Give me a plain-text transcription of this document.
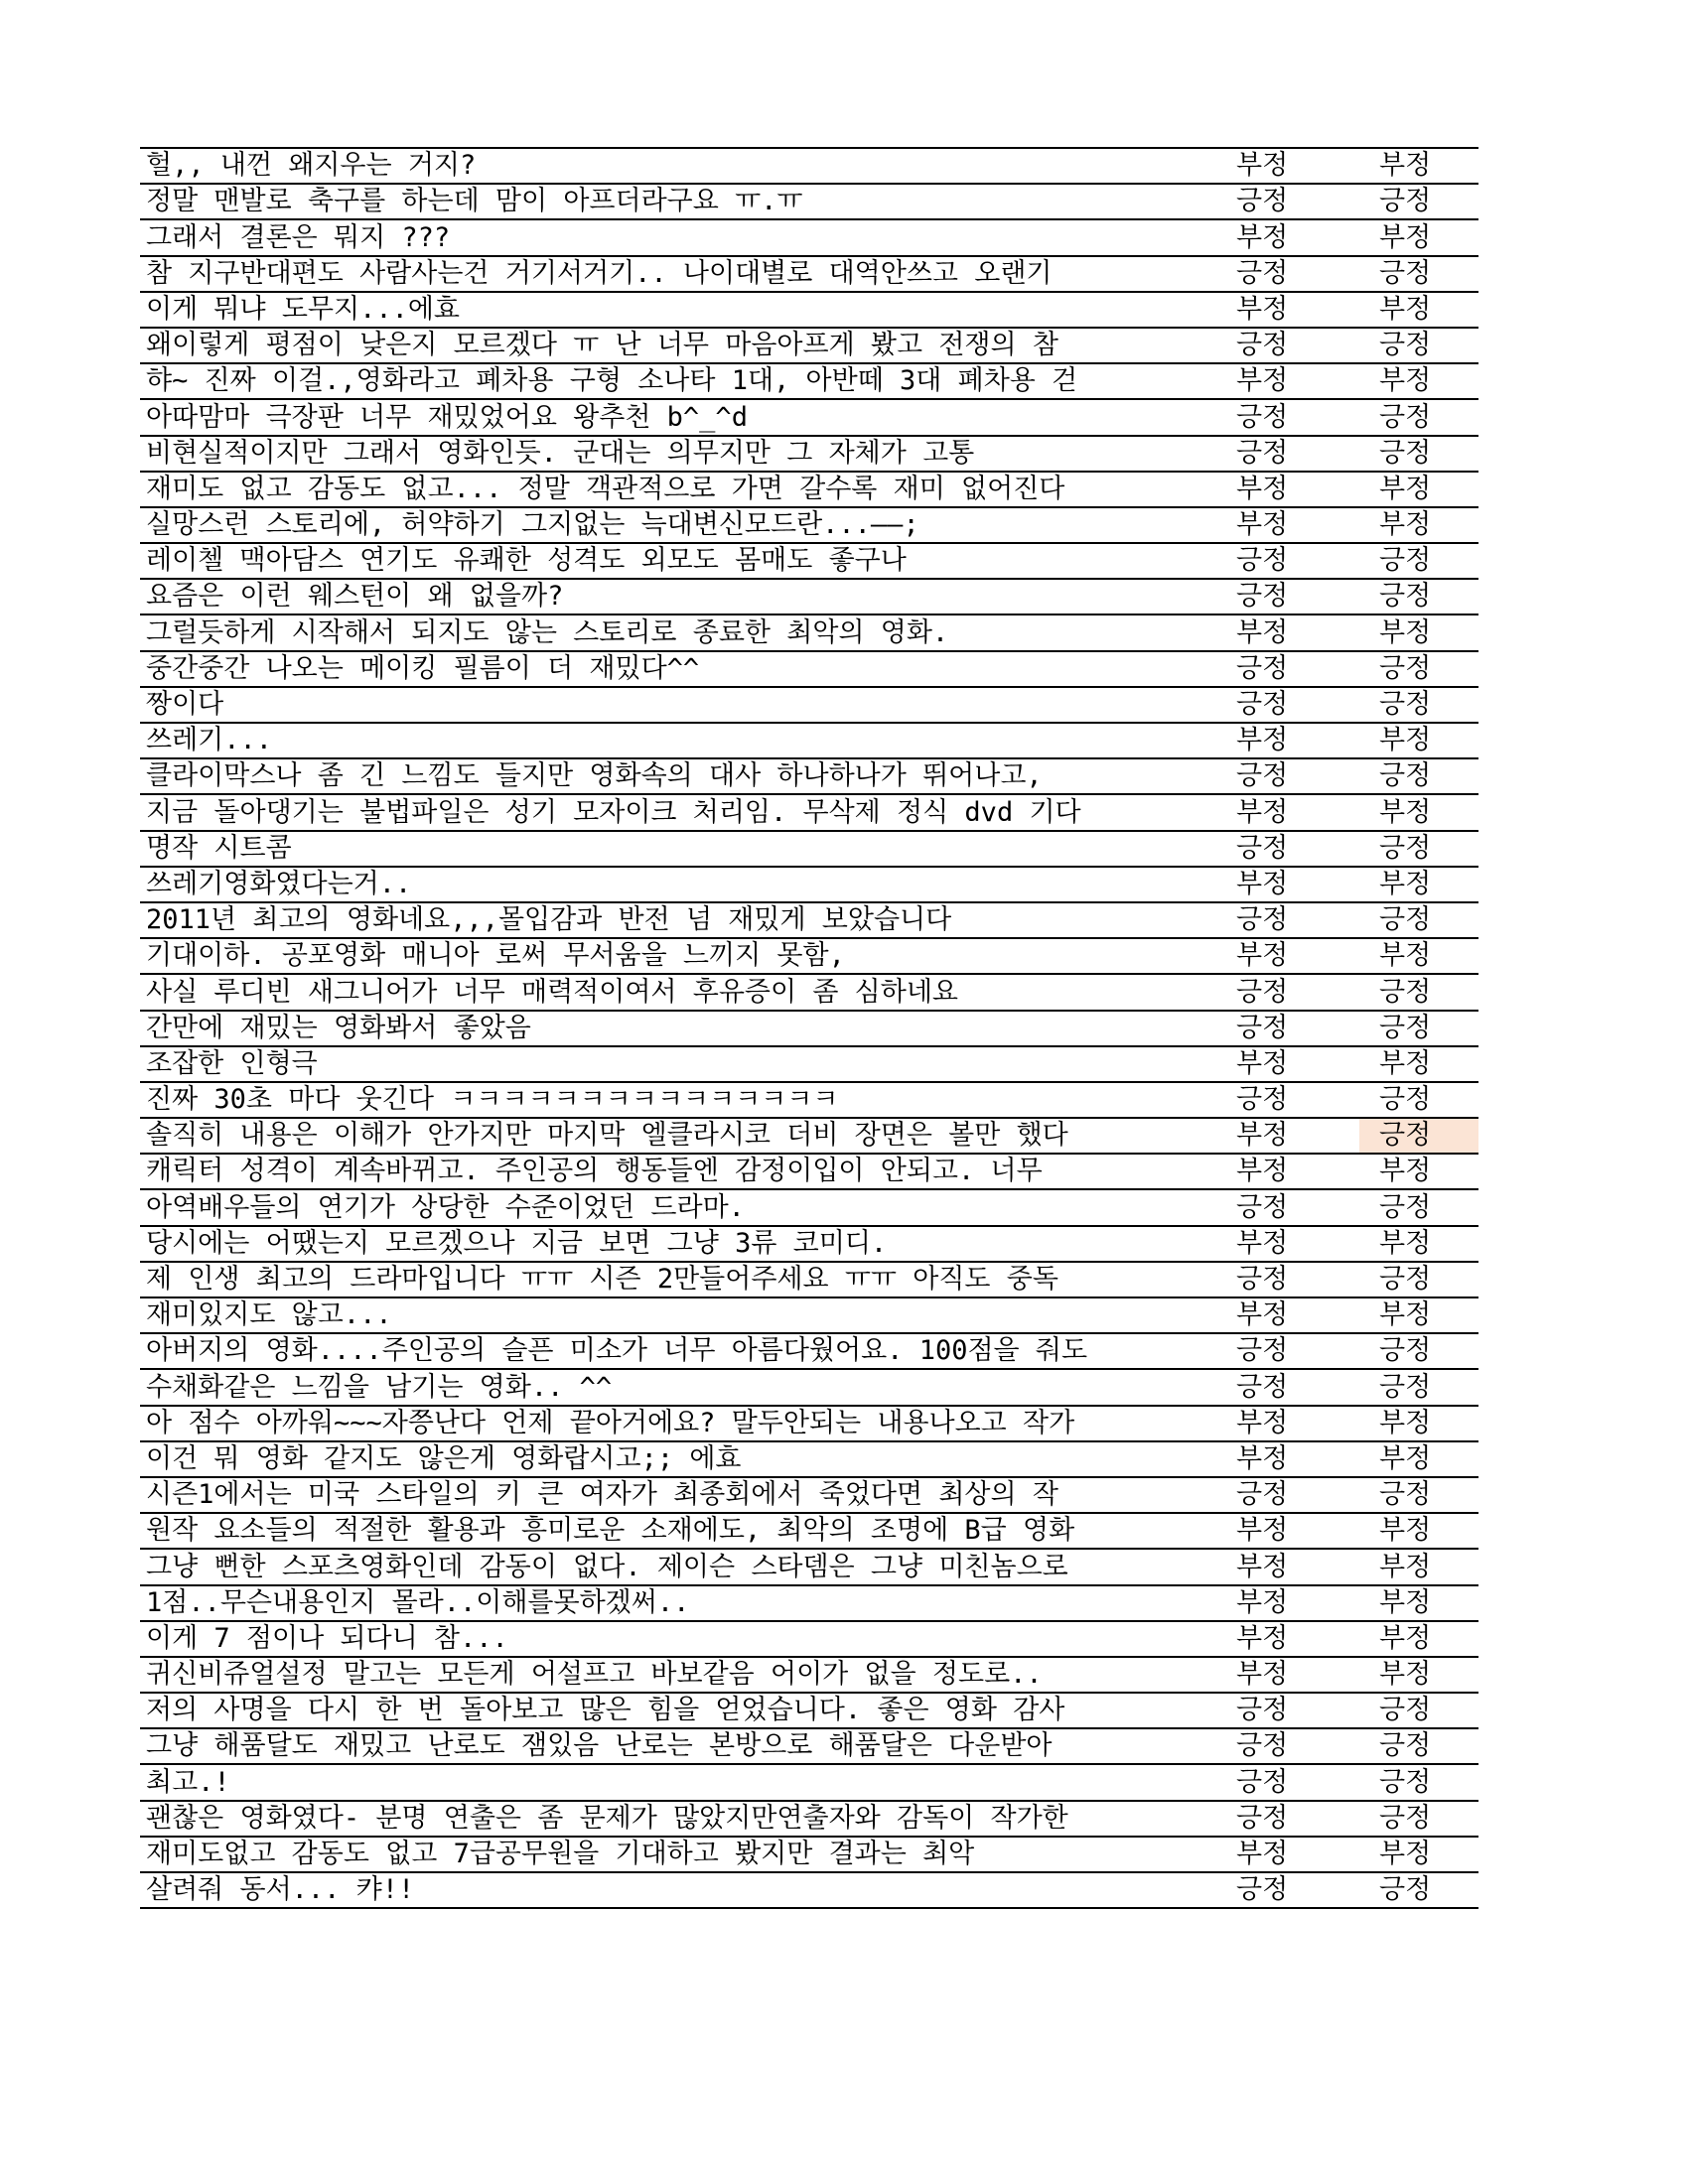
헐,, 내껀 왜지우는 거지?	부정	부정
정말 맨발로 축구를 하는데 맘이 아프더라구요 ㅠ.ㅠ	긍정	긍정
그래서 결론은 뭐지 ???	부정	부정
참 지구반대편도 사람사는건 거기서거기.. 나이대별로 대역안쓰고 오랜기	긍정	긍정
이게 뭐냐 도무지...에효	부정	부정
왜이렇게 평점이 낮은지 모르겠다 ㅠ 난 너무 마음아프게 봤고 전쟁의 참	긍정	긍정
햐~ 진짜 이걸.,영화라고 폐차용 구형 소나타 1대, 아반떼 3대 폐차용 걷	부정	부정
아따맘마 극장판 너무 재밌었어요 왕추천 b^_^d	긍정	긍정
비현실적이지만 그래서 영화인듯. 군대는 의무지만 그 자체가 고통	긍정	긍정
재미도 없고 감동도 없고... 정말 객관적으로 가면 갈수록 재미 없어진다	부정	부정
실망스런 스토리에, 허약하기 그지없는 늑대변신모드란...——;	부정	부정
레이첼 맥아담스 연기도 유쾌한 성격도 외모도 몸매도 좋구나	긍정	긍정
요즘은 이런 웨스턴이 왜 없을까?	긍정	긍정
그럴듯하게 시작해서 되지도 않는 스토리로 종료한 최악의 영화.	부정	부정
중간중간 나오는 메이킹 필름이 더 재밌다^^	긍정	긍정
짱이다	긍정	긍정
쓰레기...	부정	부정
클라이막스나 좀 긴 느낌도 들지만 영화속의 대사 하나하나가 뛰어나고,	긍정	긍정
지금 돌아댕기는 불법파일은 성기 모자이크 처리임. 무삭제 정식 dvd 기다	부정	부정
명작 시트콤	긍정	긍정
쓰레기영화였다는거..	부정	부정
2011년 최고의 영화네요,,,몰입감과 반전 넘 재밌게 보았습니다	긍정	긍정
기대이하. 공포영화 매니아 로써 무서움을 느끼지 못함,	부정	부정
사실 루디빈 새그니어가 너무 매력적이여서 후유증이 좀 심하네요	긍정	긍정
간만에 재밌는 영화봐서 좋았음	긍정	긍정
조잡한 인형극	부정	부정
진짜 30초 마다 웃긴다 ㅋㅋㅋㅋㅋㅋㅋㅋㅋㅋㅋㅋㅋㅋㅋ	긍정	긍정
솔직히 내용은 이해가 안가지만 마지막 엘클라시코 더비 장면은 볼만 했다	부정	긍정
캐릭터 성격이 계속바뀌고. 주인공의 행동들엔 감정이입이 안되고. 너무	부정	부정
아역배우들의 연기가 상당한 수준이었던 드라마.	긍정	긍정
당시에는 어땠는지 모르겠으나 지금 보면 그냥 3류 코미디.	부정	부정
제 인생 최고의 드라마입니다 ㅠㅠ 시즌 2만들어주세요 ㅠㅠ 아직도 중독	긍정	긍정
재미있지도 않고...	부정	부정
아버지의 영화....주인공의 슬픈 미소가 너무 아름다웠어요. 100점을 줘도	긍정	긍정
수채화같은 느낌을 남기는 영화.. ^^	긍정	긍정
아 점수 아까워~~~자쯩난다 언제 끝아거에요? 말두안되는 내용나오고 작가	부정	부정
이건 뭐 영화 같지도 않은게 영화랍시고;; 에효	부정	부정
시즌1에서는 미국 스타일의 키 큰 여자가 최종회에서 죽었다면 최상의 작	긍정	긍정
원작 요소들의 적절한 활용과 흥미로운 소재에도, 최악의 조명에 B급 영화	부정	부정
그냥 뻔한 스포츠영화인데 감동이 없다. 제이슨 스타뎀은 그냥 미친놈으로	부정	부정
1점..무슨내용인지 몰라..이해를못하겠써..	부정	부정
이게 7 점이나 되다니 참...	부정	부정
귀신비쥬얼설정 말고는 모든게 어설프고 바보같음 어이가 없을 정도로..	부정	부정
저의 사명을 다시 한 번 돌아보고 많은 힘을 얻었습니다. 좋은 영화 감사	긍정	긍정
그냥 해품달도 재밌고 난로도 잼있음 난로는 본방으로 해품달은 다운받아	긍정	긍정
최고.!	긍정	긍정
괜찮은 영화였다- 분명 연출은 좀 문제가 많았지만연출자와 감독이 작가한	긍정	긍정
재미도없고 감동도 없고 7급공무원을 기대하고 봤지만 결과는 최악	부정	부정
살려줘 동서... 캬!!	긍정	긍정
